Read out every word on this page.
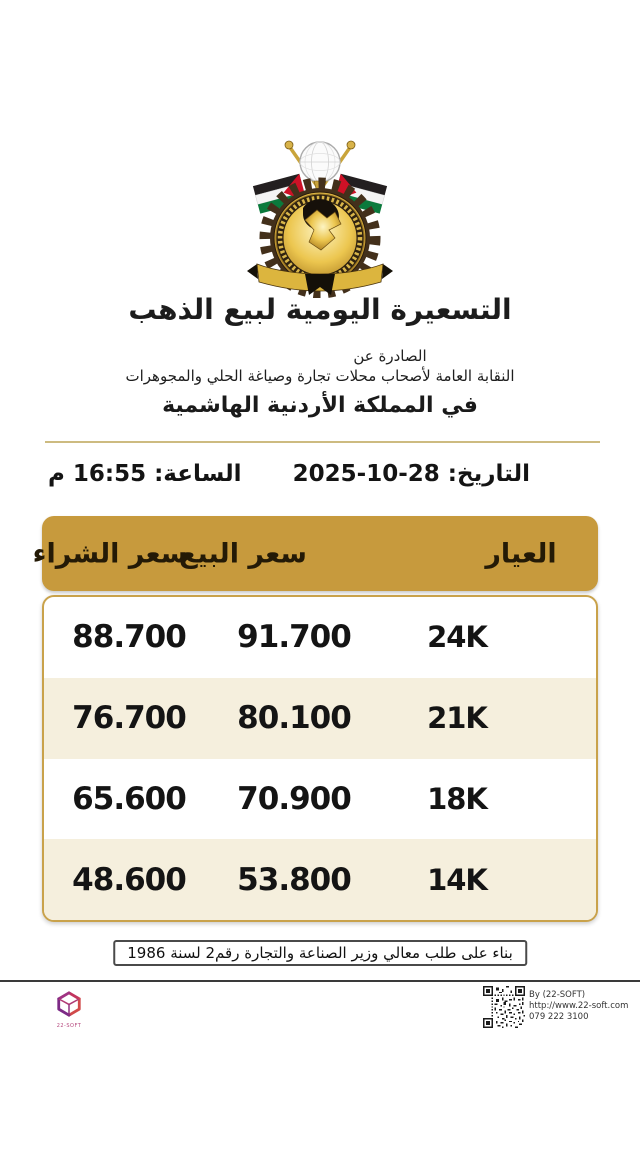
التسعيرة اليومية لبيع الذهب
الصادرة عن
النقابة العامة لأصحاب محلات تجارة وصياغة الحلي والمجوهرات
في المملكة الأردنية الهاشمية
التاريخ: 28-10-2025
الساعة: 16:55 م
العيار
سعر البيع
سعر الشراء
24K
91.700
88.700
21K
80.100
76.700
18K
70.900
65.600
14K
53.800
48.600
بناء على طلب معالي وزير الصناعة والتجارة رقم2 لسنة 1986
22-SOFT
By (22-SOFT)
http://www.22-soft.com
079 222 3100
